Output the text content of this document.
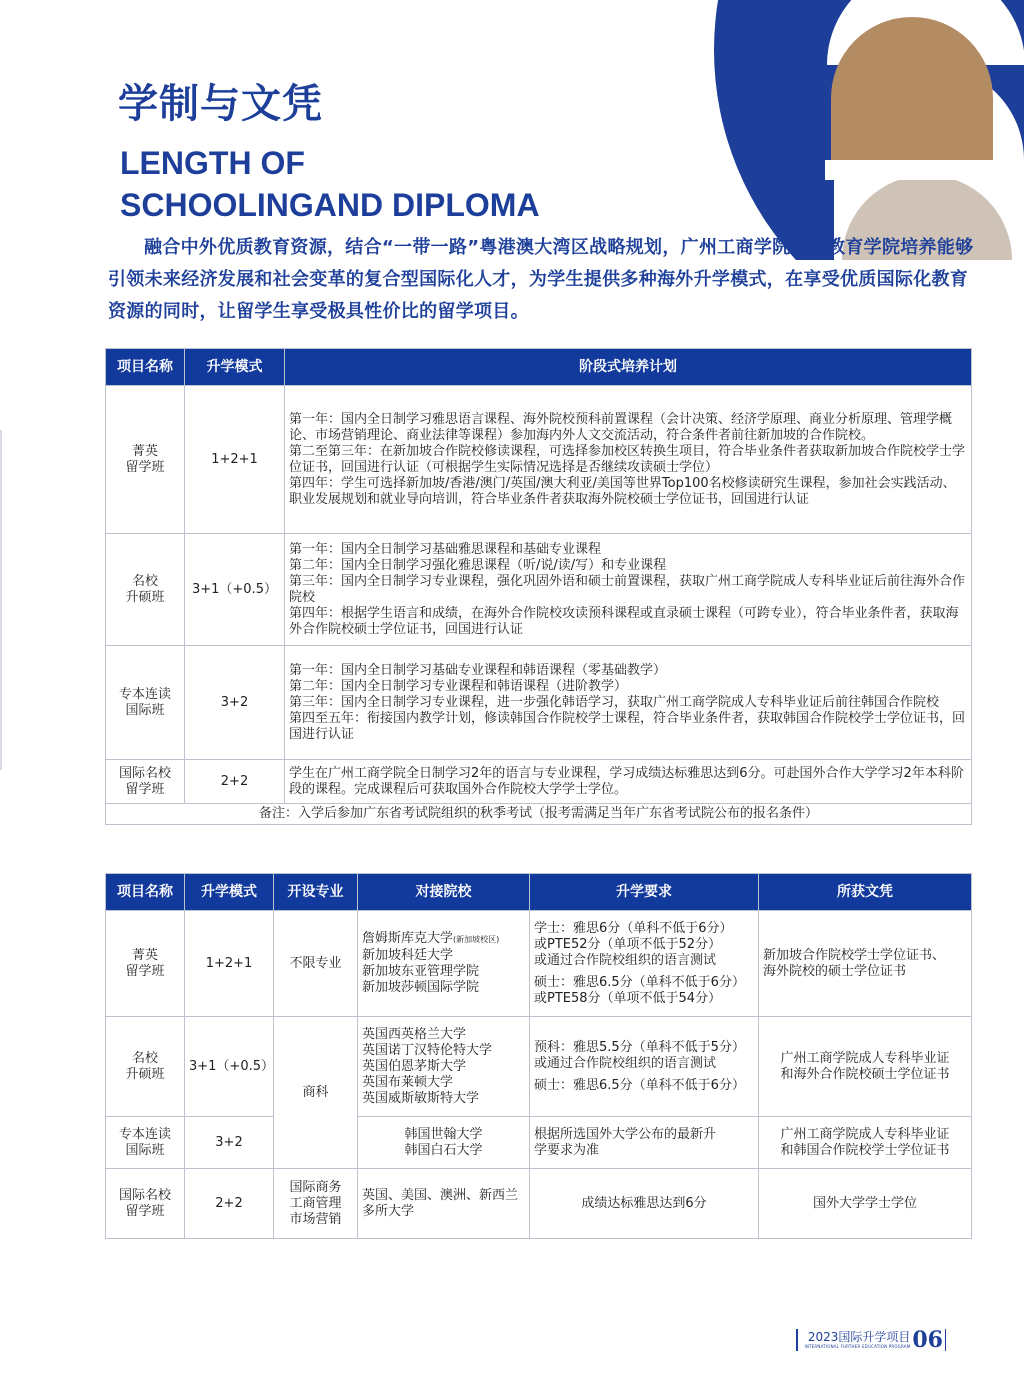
学制与文凭
LENGTH OF
SCHOOLINGAND DIPLOMA

融合中外优质教育资源，结合“一带一路”粤港澳大湾区战略规划，广州工商学院国际教育学院培养能够引领未来经济发展和社会变革的复合型国际化人才，为学生提供多种海外升学模式，在享受优质国际化教育资源的同时，让留学生享受极具性价比的留学项目。

项目名称	升学模式	阶段式培养计划

菁英
留学班	1+2+1	第一年：国内全日制学习雅思语言课程、海外院校预科前置课程（会计决策、经济学原理、商业分析原理、管理学概论、市场营销理论、商业法律等课程）参加海内外人文交流活动，符合条件者前往新加坡的合作院校。
第二至第三年：在新加坡合作院校修读课程，可选择参加校区转换生项目，符合毕业条件者获取新加坡合作院校学士学位证书，回国进行认证（可根据学生实际情况选择是否继续攻读硕士学位）
第四年：学生可选择新加坡/香港/澳门/英国/澳大利亚/美国等世界Top100名校修读研究生课程，参加社会实践活动、职业发展规划和就业导向培训，符合毕业条件者获取海外院校硕士学位证书，回国进行认证

名校
升硕班	3+1（+0.5）	第一年：国内全日制学习基础雅思课程和基础专业课程
第二年：国内全日制学习强化雅思课程（听/说/读/写）和专业课程
第三年：国内全日制学习专业课程，强化巩固外语和硕士前置课程，获取广州工商学院成人专科毕业证后前往海外合作院校
第四年：根据学生语言和成绩，在海外合作院校攻读预科课程或直录硕士课程（可跨专业），符合毕业条件者，获取海外合作院校硕士学位证书，回国进行认证

专本连读
国际班	3+2	第一年：国内全日制学习基础专业课程和韩语课程（零基础教学）
第二年：国内全日制学习专业课程和韩语课程（进阶教学）
第三年：国内全日制学习专业课程，进一步强化韩语学习，获取广州工商学院成人专科毕业证后前往韩国合作院校
第四至五年：衔接国内教学计划，修读韩国合作院校学士课程，符合毕业条件者，获取韩国合作院校学士学位证书，回国进行认证

国际名校
留学班	2+2	学生在广州工商学院全日制学习2年的语言与专业课程，学习成绩达标雅思达到6分。可赴国外合作大学学习2年本科阶段的课程。完成课程后可获取国外合作院校大学学士学位。

备注：入学后参加广东省考试院组织的秋季考试（报考需满足当年广东省考试院公布的报名条件）		
项目名称	升学模式	开设专业	对接院校	升学要求	所获文凭

菁英
留学班	1+2+1	不限专业	詹姆斯库克大学(新加坡校区)
新加坡科廷大学
新加坡东亚管理学院
新加坡莎顿国际学院	学士：雅思6分（单科不低于6分）
或PTE52分（单项不低于52分）
或通过合作院校组织的语言测试
硕士：雅思6.5分（单科不低于6分）
或PTE58分（单项不低于54分）	新加坡合作院校学士学位证书、
海外院校的硕士学位证书

名校
升硕班	3+1（+0.5）	商科	英国西英格兰大学
英国诺丁汉特伦特大学
英国伯恩茅斯大学
英国布莱顿大学
英国威斯敏斯特大学	预科：雅思5.5分（单科不低于5分）
或通过合作院校组织的语言测试
硕士：雅思6.5分（单科不低于6分）	广州工商学院成人专科毕业证
和海外合作院校硕士学位证书

专本连读
国际班	3+2		韩国世翰大学
韩国白石大学	根据所选国外大学公布的最新升
学要求为准	广州工商学院成人专科毕业证
和韩国合作院校学士学位证书

国际名校
留学班	2+2	国际商务
工商管理
市场营销	英国、美国、澳洲、新西兰
多所大学	成绩达标雅思达到6分	国外大学学士学位
2023国际升学项目
INTERNATIONAL FURTHER EDUCATION PROGRAM 06
